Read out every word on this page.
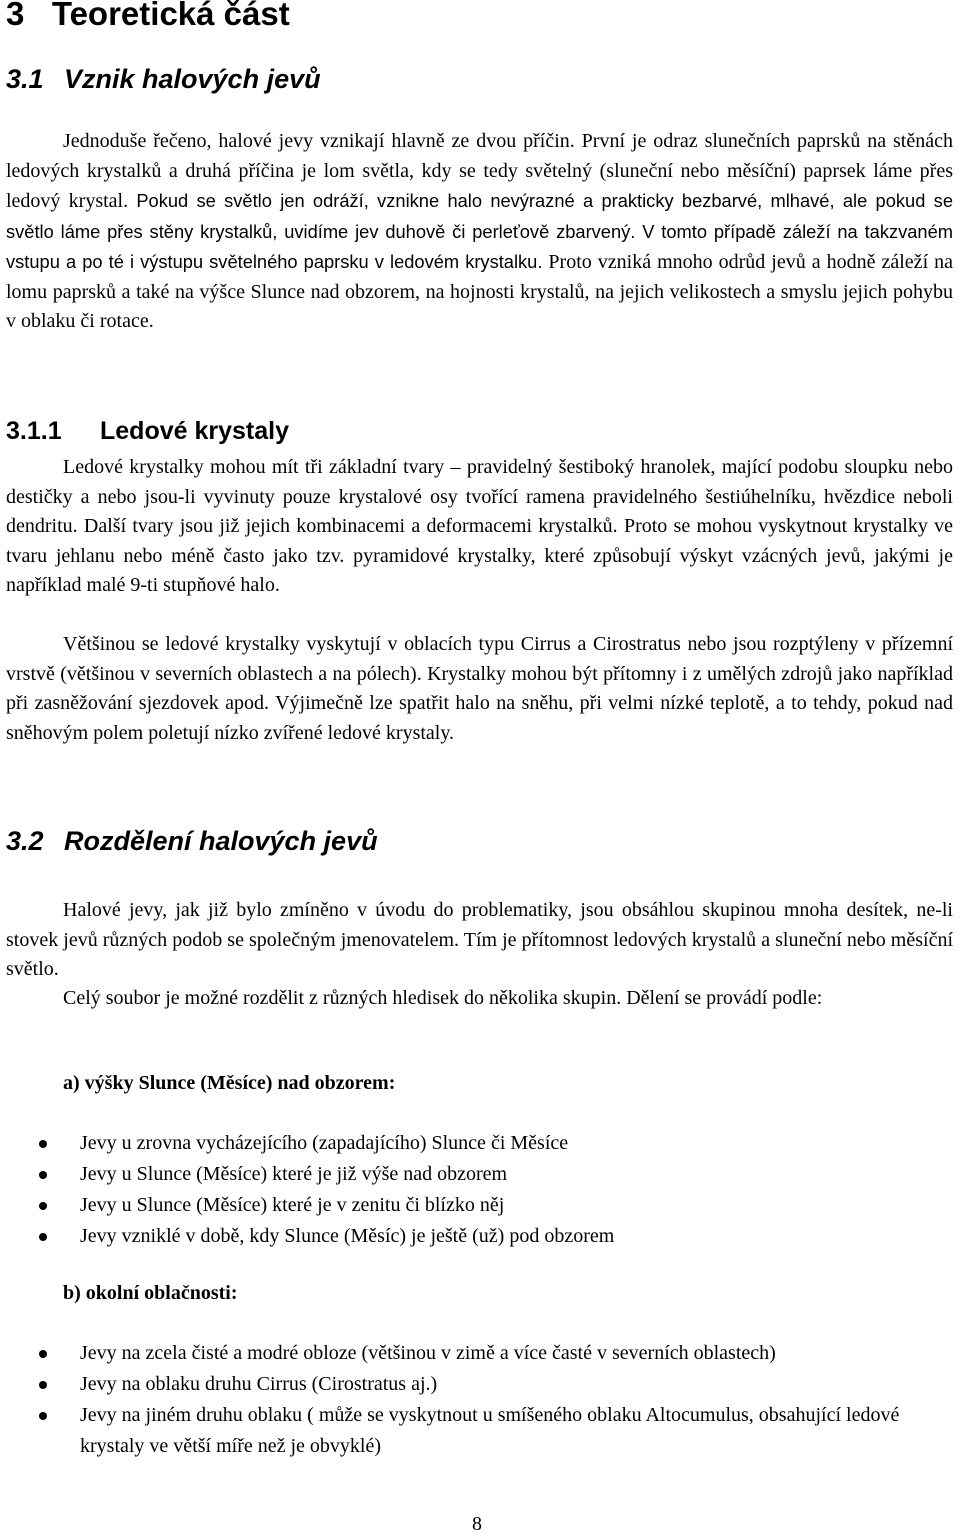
3 Teoretická část
3.1 Vznik halových jevů

Jednoduše řečeno, halové jevy vznikají hlavně ze dvou příčin. První je odraz slunečních paprsků na stěnách ledových krystalků a druhá příčina je lom světla, kdy se tedy světelný (sluneční nebo měsíční) paprsek láme přes ledový krystal. Pokud se světlo jen odráží, vznikne halo nevýrazné a prakticky bezbarvé, mlhavé, ale pokud se světlo láme přes stěny krystalků, uvidíme jev duhově či perleťově zbarvený. V tomto případě záleží na takzvaném vstupu a po té i výstupu světelného paprsku v ledovém krystalku. Proto vzniká mnoho odrůd jevů a hodně záleží na lomu paprsků a také na výšce Slunce nad obzorem, na hojnosti krystalů, na jejich velikostech a smyslu jejich pohybu v oblaku či rotace.

3.1.1 Ledové krystaly

Ledové krystalky mohou mít tři základní tvary – pravidelný šestiboký hranolek, mající podobu sloupku nebo destičky a nebo jsou-li vyvinuty pouze krystalové osy tvořící ramena pravidelného šestiúhelníku, hvězdice neboli dendritu. Další tvary jsou již jejich kombinacemi a deformacemi krystalků. Proto se mohou vyskytnout krystalky ve tvaru jehlanu nebo méně často jako tzv. pyramidové krystalky, které způsobují výskyt vzácných jevů, jakými je například malé 9-ti stupňové halo.

Většinou se ledové krystalky vyskytují v oblacích typu Cirrus a Cirostratus nebo jsou rozptýleny v přízemní vrstvě (většinou v severních oblastech a na pólech). Krystalky mohou být přítomny i z umělých zdrojů jako například při zasněžování sjezdovek apod. Výjimečně lze spatřit halo na sněhu, při velmi nízké teplotě, a to tehdy, pokud nad sněhovým polem poletují nízko zvířené ledové krystaly.

3.2 Rozdělení halových jevů

Halové jevy, jak již bylo zmíněno v úvodu do problematiky, jsou obsáhlou skupinou mnoha desítek, ne-li stovek jevů různých podob se společným jmenovatelem. Tím je přítomnost ledových krystalů a sluneční nebo měsíční světlo.

Celý soubor je možné rozdělit z různých hledisek do několika skupin. Dělení se provádí podle:

a) výšky Slunce (Měsíce) nad obzorem:

Jevy u zrovna vycházejícího (zapadajícího) Slunce či Měsíce
Jevy u Slunce (Měsíce) které je již výše nad obzorem
Jevy u Slunce (Měsíce) které je v zenitu či blízko něj
Jevy vzniklé v době, kdy Slunce (Měsíc) je ještě (už) pod obzorem

b) okolní oblačnosti:

Jevy na zcela čisté a modré obloze (většinou v zimě a více časté v severních oblastech)
Jevy na oblaku druhu Cirrus (Cirostratus aj.)
Jevy na jiném druhu oblaku ( může se vyskytnout u smíšeného oblaku Altocumulus, obsahující ledové krystaly ve větší míře než je obvyklé)

8
